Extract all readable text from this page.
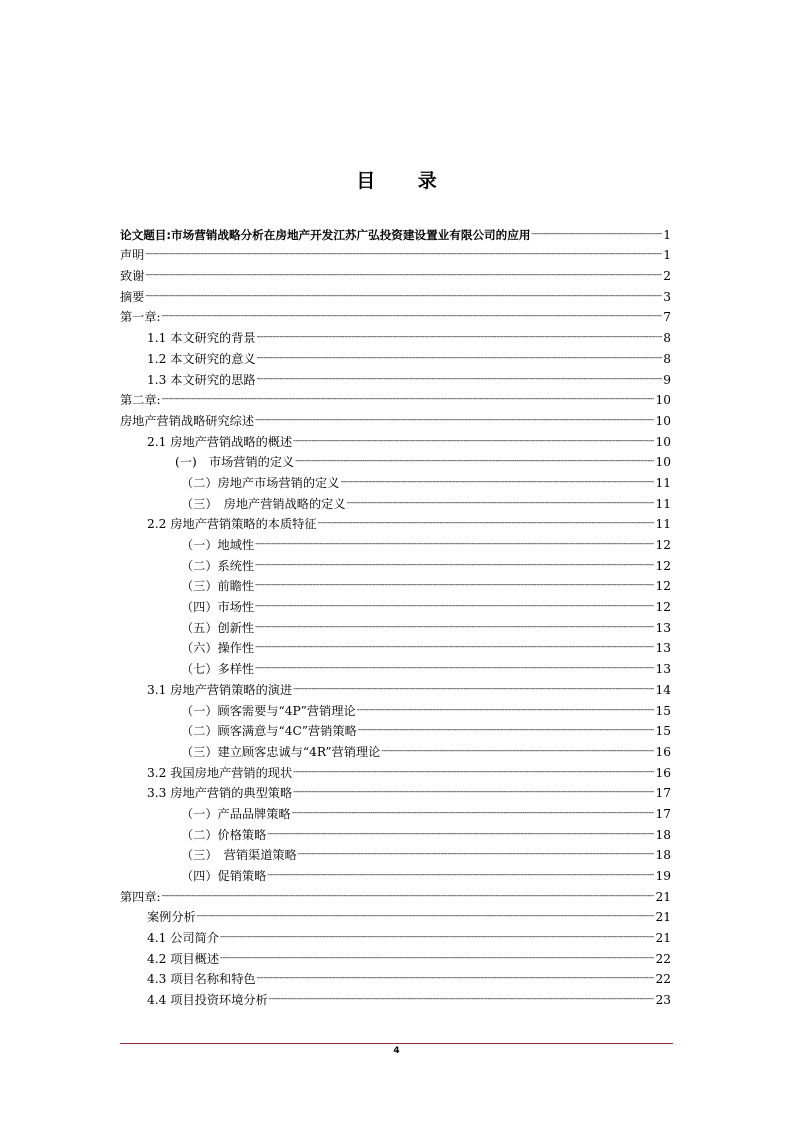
目 录
论文题目:市场营销战略分析在房地产开发江苏广弘投资建设置业有限公司的应用 -----	1
声明 -----	1
致谢 -----	2
摘要 -----	3
第一章: -----	7
1.1 本文研究的背景 -----	8
1.2 本文研究的意义 -----	8
1.3 本文研究的思路 -----	9
第二章: -----	10
房地产营销战略研究综述 -----	10
2.1 房地产营销战略的概述 -----	10
(一)　市场营销的定义 -----	10
（二）房地产市场营销的定义 -----	11
（三）　房地产营销战略的定义 -----	11
2.2 房地产营销策略的本质特征 -----	11
（一）地域性 -----	12
（二）系统性 -----	12
（三）前瞻性 -----	12
（四）市场性 -----	12
（五）创新性 -----	13
（六）操作性 -----	13
（七）多样性 -----	13
3.1 房地产营销策略的演进 -----	14
（一）顾客需要与“4P”营销理论 -----	15
（二）顾客满意与“4C”营销策略 -----	15
（三）建立顾客忠诚与“4R”营销理论 -----	16
3.2 我国房地产营销的现状 -----	16
3.3 房地产营销的典型策略 -----	17
（一）产品品牌策略 -----	17
（二）价格策略 -----	18
（三）　营销渠道策略 -----	18
（四）促销策略 -----	19
第四章: -----	21
案例分析 -----	21
4.1 公司简介 -----	21
4.2 项目概述 -----	22
4.3 项目名称和特色 -----	22
4.4 项目投资环境分析 -----	23
4
